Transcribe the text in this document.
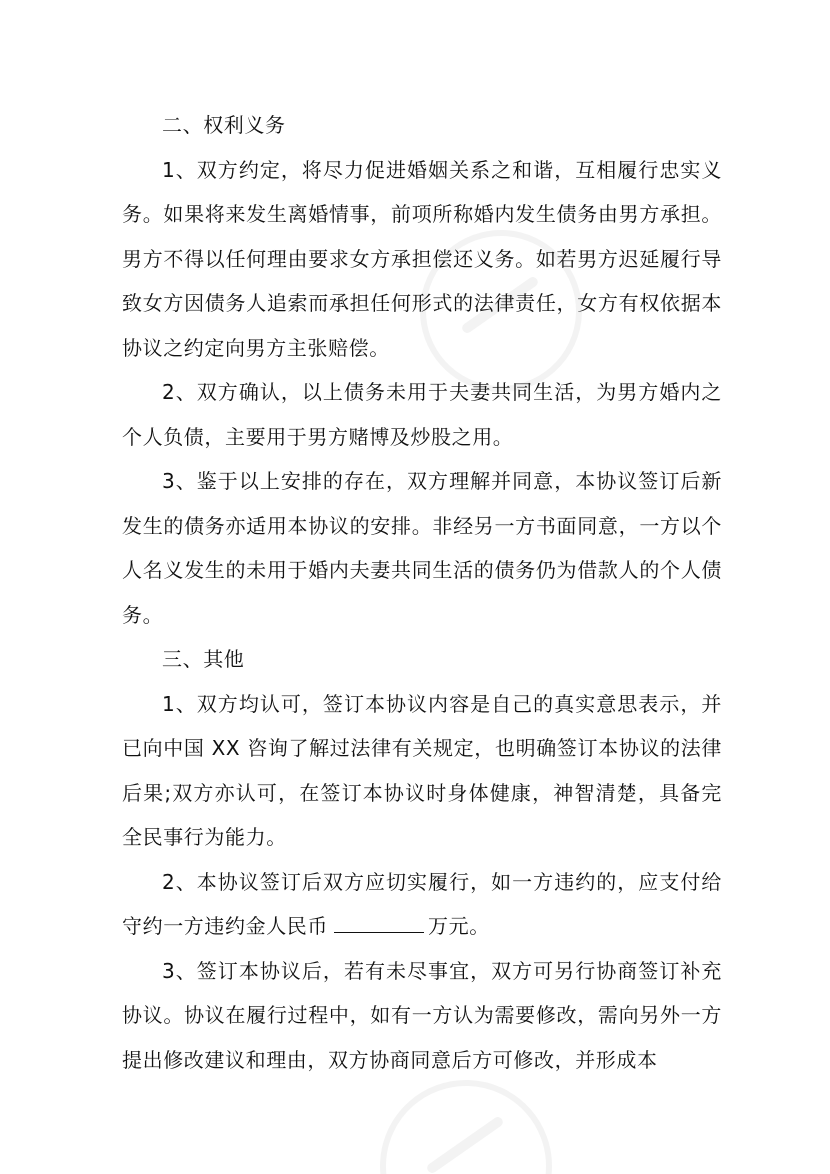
二、权利义务

1、双方约定，将尽力促进婚姻关系之和谐，互相履行忠实义务。如果将来发生离婚情事，前项所称婚内发生债务由男方承担。男方不得以任何理由要求女方承担偿还义务。如若男方迟延履行导致女方因债务人追索而承担任何形式的法律责任，女方有权依据本协议之约定向男方主张赔偿。

2、双方确认，以上债务未用于夫妻共同生活，为男方婚内之个人负债，主要用于男方赌博及炒股之用。

3、鉴于以上安排的存在，双方理解并同意，本协议签订后新发生的债务亦适用本协议的安排。非经另一方书面同意，一方以个人名义发生的未用于婚内夫妻共同生活的债务仍为借款人的个人债务。

三、其他

1、双方均认可，签订本协议内容是自己的真实意思表示，并已向中国 XX 咨询了解过法律有关规定，也明确签订本协议的法律后果;双方亦认可，在签订本协议时身体健康，神智清楚，具备完全民事行为能力。

2、本协议签订后双方应切实履行，如一方违约的，应支付给守约一方违约金人民币	万元。

3、签订本协议后，若有未尽事宜，双方可另行协商签订补充协议。协议在履行过程中，如有一方认为需要修改，需向另外一方提出修改建议和理由，双方协商同意后方可修改，并形成本
